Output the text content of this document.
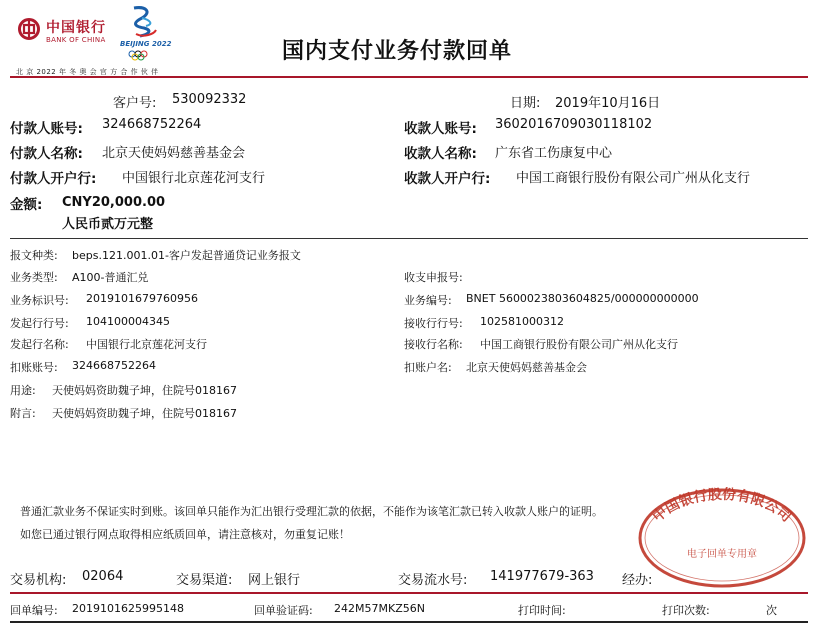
中国银行
BANK OF CHINA BEIJING 2022
北 京 2022 年 冬 奥 会 官 方 合 作 伙 伴
国内支付业务付款回单
客户号: 530092332	日期: 2019年10月16日
付款人账号: 324668752264	收款人账号: 3602016709030118102
付款人名称: 北京天使妈妈慈善基金会	收款人名称: 广东省工伤康复中心
付款人开户行: 中国银行北京莲花河支行	收款人开户行: 中国工商银行股份有限公司广州从化支行
金额: CNY20,000.00
人民币贰万元整
报文种类: beps.121.001.01-客户发起普通贷记业务报文
业务类型: A100-普通汇兑	收支申报号:
业务标识号: 2019101679760956	业务编号: BNET 5600023803604825/000000000000
发起行行号: 104100004345	接收行行号: 102581000312
发起行名称: 中国银行北京莲花河支行	接收行名称: 中国工商银行股份有限公司广州从化支行
扣账账号: 324668752264	扣账户名: 北京天使妈妈慈善基金会
用途: 天使妈妈资助魏子坤，住院号018167
附言: 天使妈妈资助魏子坤，住院号018167
普通汇款业务不保证实时到账。该回单只能作为汇出银行受理汇款的依据，不能作为该笔汇款已转入收款人账户的证明。
如您已通过银行网点取得相应纸质回单，请注意核对，勿重复记账！
交易机构: 02064	交易渠道: 网上银行	交易流水号: 141977679-363 经办:
回单编号: 2019101625995148	回单验证码: 242M57MKZ56N	打印时间:	打印次数:	次
中国银行股份有限公司
电子回单专用章
